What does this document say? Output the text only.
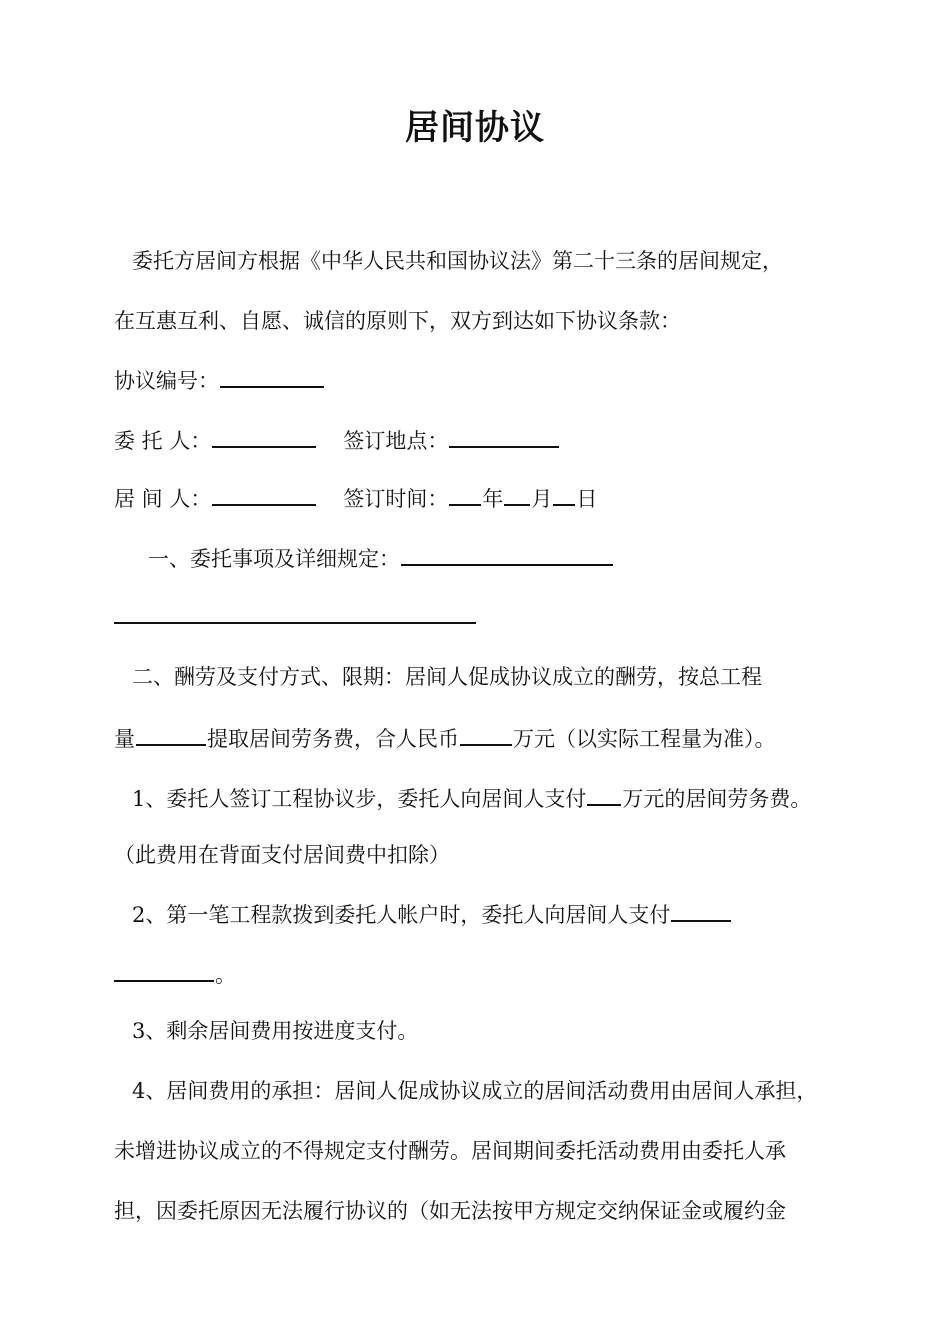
居间协议
委托方居间方根据《中华人民共和国协议法》第二十三条的居间规定，
在互惠互利、自愿、诚信的原则下，双方到达如下协议条款：
协议编号：
委 托 人：	签订地点：
居 间 人：	签订时间： 年 月 日
一、委托事项及详细规定：
二、酬劳及支付方式、限期：居间人促成协议成立的酬劳，按总工程
量	提取居间劳务费，合人民币	万元（以实际工程量为准）。
1、委托人签订工程协议步，委托人向居间人支付 万元的居间劳务费。
（此费用在背面支付居间费中扣除）
2、第一笔工程款拨到委托人帐户时，委托人向居间人支付
。
3、剩余居间费用按进度支付。
4、居间费用的承担：居间人促成协议成立的居间活动费用由居间人承担，
未增进协议成立的不得规定支付酬劳。居间期间委托活动费用由委托人承
担，因委托原因无法履行协议的（如无法按甲方规定交纳保证金或履约金
